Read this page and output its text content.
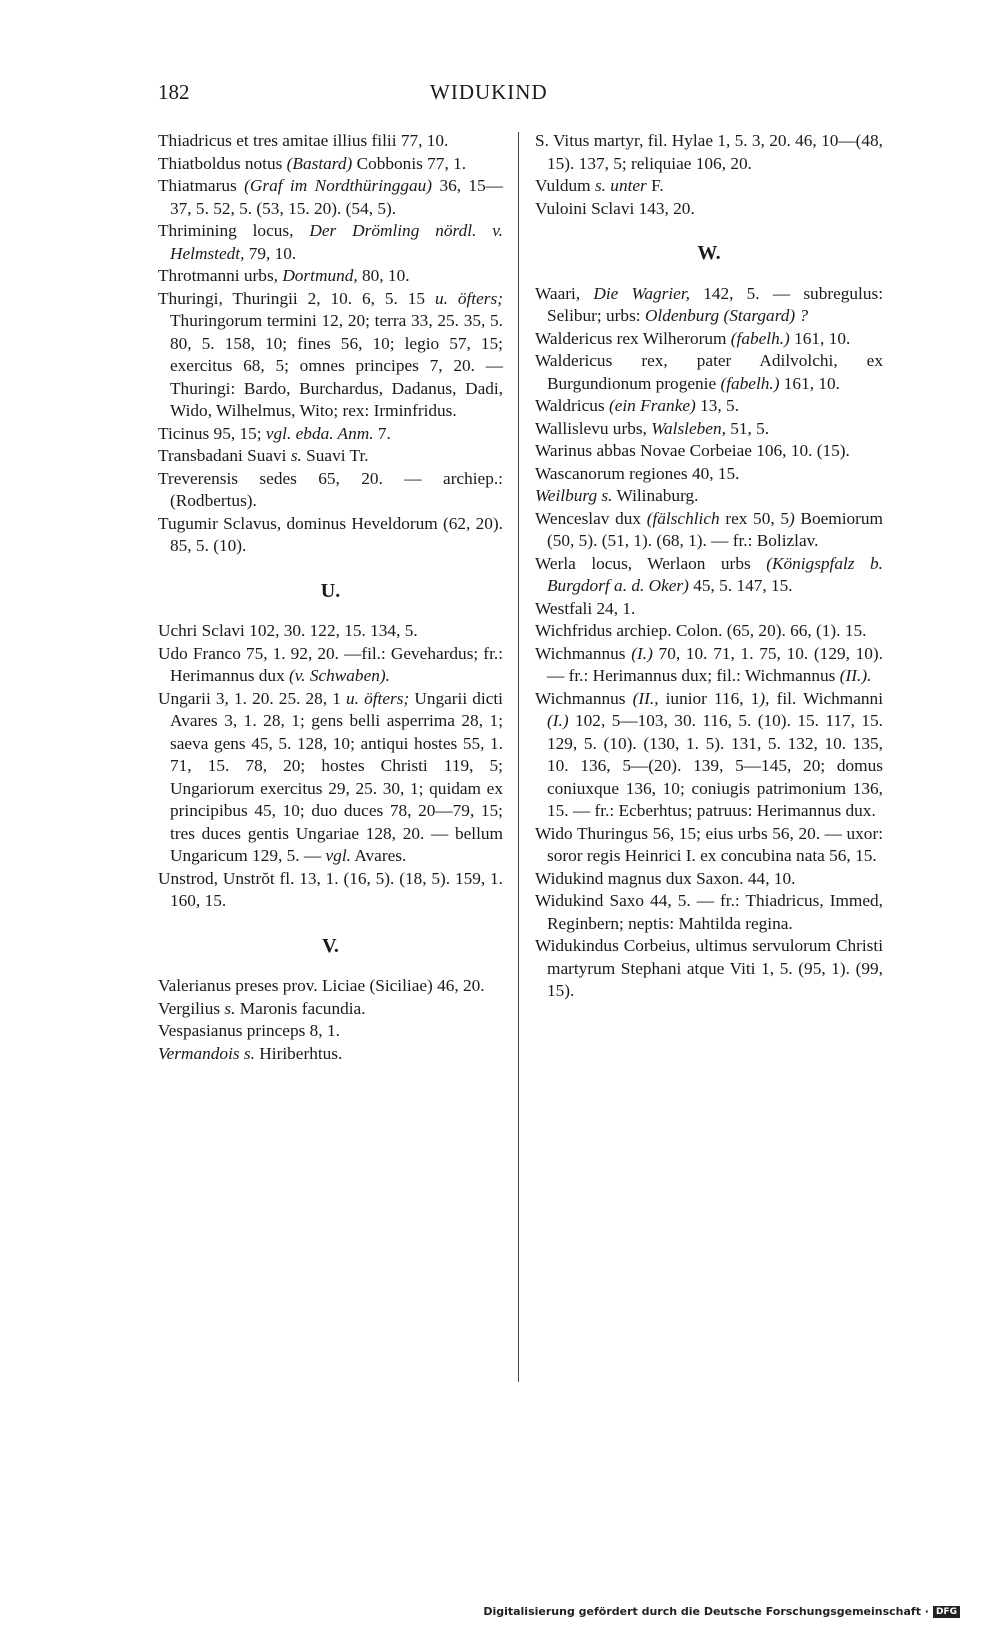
182	WIDUKIND

Thiadricus et tres amitae illius filii 77, 10.

Thiatboldus notus (Bastard) Cobbonis 77, 1.

Thiatmarus (Graf im Nordthüringgau) 36, 15—37, 5. 52, 5. (53, 15. 20). (54, 5).

Thrimining locus, Der Drömling nördl. v. Helmstedt, 79, 10.

Throtmanni urbs, Dortmund, 80, 10.

Thuringi, Thuringii 2, 10. 6, 5. 15 u. öfters; Thuringorum termini 12, 20; terra 33, 25. 35, 5. 80, 5. 158, 10; fines 56, 10; legio 57, 15; exercitus 68, 5; omnes principes 7, 20. — Thuringi: Bardo, Burchardus, Dadanus, Dadi, Wido, Wilhelmus, Wito; rex: Irminfridus.

Ticinus 95, 15; vgl. ebda. Anm. 7.

Transbadani Suavi s. Suavi Tr.

Treverensis sedes 65, 20. — archiep.: (Rodbertus).

Tugumir Sclavus, dominus Heveldorum (62, 20). 85, 5. (10).

U.

Uchri Sclavi 102, 30. 122, 15. 134, 5.

Udo Franco 75, 1. 92, 20. —fil.: Gevehardus; fr.: Herimannus dux (v. Schwaben).

Ungarii 3, 1. 20. 25. 28, 1 u. öfters; Ungarii dicti Avares 3, 1. 28, 1; gens belli asperrima 28, 1; saeva gens 45, 5. 128, 10; antiqui hostes 55, 1. 71, 15. 78, 20; hostes Christi 119, 5; Ungariorum exercitus 29, 25. 30, 1; quidam ex principibus 45, 10; duo duces 78, 20—79, 15; tres duces gentis Ungariae 128, 20. — bellum Ungaricum 129, 5. — vgl. Avares.

Unstrod, Unstrŏt fl. 13, 1. (16, 5). (18, 5). 159, 1. 160, 15.

V.

Valerianus preses prov. Liciae (Siciliae) 46, 20.

Vergilius s. Maronis facundia.

Vespasianus princeps 8, 1.

Vermandois s. Hiriberhtus.

S. Vitus martyr, fil. Hylae 1, 5. 3, 20. 46, 10—(48, 15). 137, 5; reliquiae 106, 20.

Vuldum s. unter F.

Vuloini Sclavi 143, 20.

W.

Waari, Die Wagrier, 142, 5. — subregulus: Selibur; urbs: Oldenburg (Stargard) ?

Waldericus rex Wilherorum (fabelh.) 161, 10.

Waldericus rex, pater Adilvolchi, ex Burgundionum progenie (fabelh.) 161, 10.

Waldricus (ein Franke) 13, 5.

Wallislevu urbs, Walsleben, 51, 5.

Warinus abbas Novae Corbeiae 106, 10. (15).

Wascanorum regiones 40, 15.

Weilburg s. Wilinaburg.

Wenceslav dux (fälschlich rex 50, 5) Boemiorum (50, 5). (51, 1). (68, 1). — fr.: Bolizlav.

Werla locus, Werlaon urbs (Königspfalz b. Burgdorf a. d. Oker) 45, 5. 147, 15.

Westfali 24, 1.

Wichfridus archiep. Colon. (65, 20). 66, (1). 15.

Wichmannus (I.) 70, 10. 71, 1. 75, 10. (129, 10). — fr.: Herimannus dux; fil.: Wichmannus (II.).

Wichmannus (II., iunior 116, 1), fil. Wichmanni (I.) 102, 5—103, 30. 116, 5. (10). 15. 117, 15. 129, 5. (10). (130, 1. 5). 131, 5. 132, 10. 135, 10. 136, 5—(20). 139, 5—145, 20; domus coniuxque 136, 10; coniugis patrimonium 136, 15. — fr.: Ecberhtus; patruus: Herimannus dux.

Wido Thuringus 56, 15; eius urbs 56, 20. — uxor: soror regis Heinrici I. ex concubina nata 56, 15.

Widukind magnus dux Saxon. 44, 10.

Widukind Saxo 44, 5. — fr.: Thiadricus, Immed, Reginbern; neptis: Mahtilda regina.

Widukindus Corbeius, ultimus servulorum Christi martyrum Stephani atque Viti 1, 5. (95, 1). (99, 15).

Digitalisierung gefördert durch die Deutsche Forschungsgemeinschaft · DFG
